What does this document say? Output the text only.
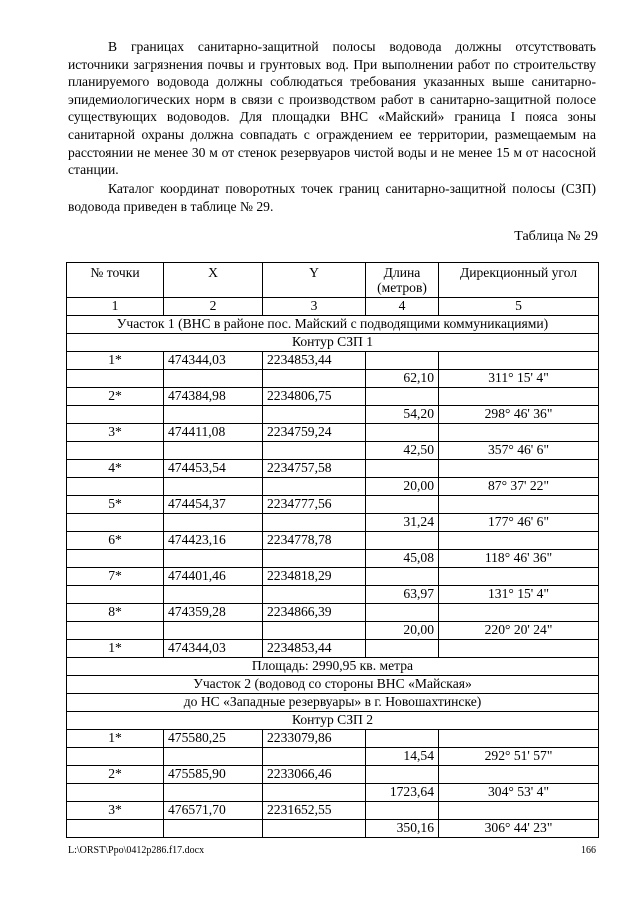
В границах санитарно-защитной полосы водовода должны отсутствовать источники загрязнения почвы и грунтовых вод. При выполнении работ по строительству планируемого водовода должны соблюдаться требования указанных выше санитарно-эпидемиологических норм в связи с производством работ в санитарно-защитной полосе существующих водоводов. Для площадки ВНС «Майский» граница I пояса зоны санитарной охраны должна совпадать с ограждением ее территории, размещаемым на расстоянии не менее 30 м от стенок резервуаров чистой воды и не менее 15 м от насосной станции.

Каталог координат поворотных точек границ санитарно-защитной полосы (СЗП) водовода приведен в таблице № 29.

Таблица № 29
№ точки	X	Y	Длина (метров)	Дирекционный угол
1	2	3	4	5
Участок 1 (ВНС в районе пос. Майский с подводящими коммуникациями)				
Контур СЗП 1				
1*	474344,03	2234853,44		
			62,10	311° 15' 4"
2*	474384,98	2234806,75		
			54,20	298° 46' 36"
3*	474411,08	2234759,24		
			42,50	357° 46' 6"
4*	474453,54	2234757,58		
			20,00	87° 37' 22"
5*	474454,37	2234777,56		
			31,24	177° 46' 6"
6*	474423,16	2234778,78		
			45,08	118° 46' 36"
7*	474401,46	2234818,29		
			63,97	131° 15' 4"
8*	474359,28	2234866,39		
			20,00	220° 20' 24"
1*	474344,03	2234853,44		
Площадь: 2990,95 кв. метра				
Участок 2 (водовод со стороны ВНС «Майская»				
до НС «Западные резервуары» в г. Новошахтинске)				
Контур СЗП 2				
1*	475580,25	2233079,86		
			14,54	292° 51' 57"
2*	475585,90	2233066,46		
			1723,64	304° 53' 4"
3*	476571,70	2231652,55		
			350,16	306° 44' 23"
L:\ORST\Ppo\0412p286.f17.docx	166
